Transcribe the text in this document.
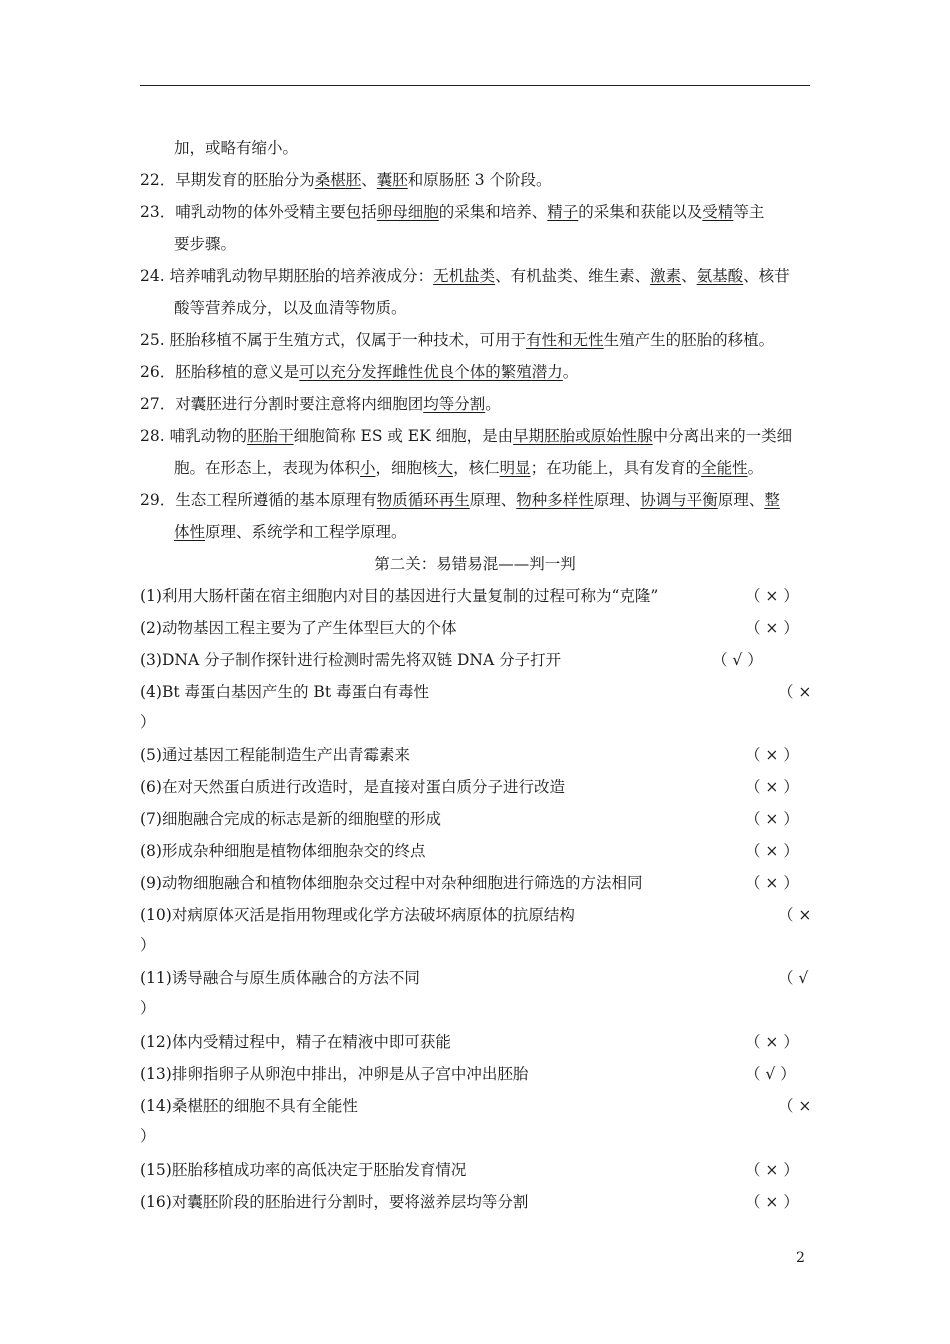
加，或略有缩小。
22．早期发育的胚胎分为桑椹胚、囊胚和原肠胚 3 个阶段。
23．哺乳动物的体外受精主要包括卵母细胞的采集和培养、精子的采集和获能以及受精等主
要步骤。
24. 培养哺乳动物早期胚胎的培养液成分：无机盐类、有机盐类、维生素、激素、氨基酸、核苷
酸等营养成分，以及血清等物质。
25. 胚胎移植不属于生殖方式，仅属于一种技术，可用于有性和无性生殖产生的胚胎的移植。
26．胚胎移植的意义是可以充分发挥雌性优良个体的繁殖潜力。
27．对囊胚进行分割时要注意将内细胞团均等分割。
28. 哺乳动物的胚胎干细胞简称 ES 或 EK 细胞，是由早期胚胎或原始性腺中分离出来的一类细
胞。在形态上，表现为体积小，细胞核大，核仁明显；在功能上，具有发育的全能性。
29．生态工程所遵循的基本原理有物质循环再生原理、物种多样性原理、协调与平衡原理、整
体性原理、系统学和工程学原理。
第二关：易错易混——判一判
(1)利用大肠杆菌在宿主细胞内对目的基因进行大量复制的过程可称为“克隆”	（ × ）
(2)动物基因工程主要为了产生体型巨大的个体	（ × ）
(3)DNA 分子制作探针进行检测时需先将双链 DNA 分子打开	（ √ ）
(4)Bt 毒蛋白基因产生的 Bt 毒蛋白有毒性	（ ×
）
(5)通过基因工程能制造生产出青霉素来	（ × ）
(6)在对天然蛋白质进行改造时，是直接对蛋白质分子进行改造	（ × ）
(7)细胞融合完成的标志是新的细胞壁的形成	（ × ）
(8)形成杂种细胞是植物体细胞杂交的终点	（ × ）
(9)动物细胞融合和植物体细胞杂交过程中对杂种细胞进行筛选的方法相同	（ × ）
(10)对病原体灭活是指用物理或化学方法破坏病原体的抗原结构	（ ×
）
(11)诱导融合与原生质体融合的方法不同	（ √
）
(12)体内受精过程中，精子在精液中即可获能	（ × ）
(13)排卵指卵子从卵泡中排出，冲卵是从子宫中冲出胚胎	（ √ ）
(14)桑椹胚的细胞不具有全能性	（ ×
）
(15)胚胎移植成功率的高低决定于胚胎发育情况	（ × ）
(16)对囊胚阶段的胚胎进行分割时，要将滋养层均等分割	（ × ）
2
